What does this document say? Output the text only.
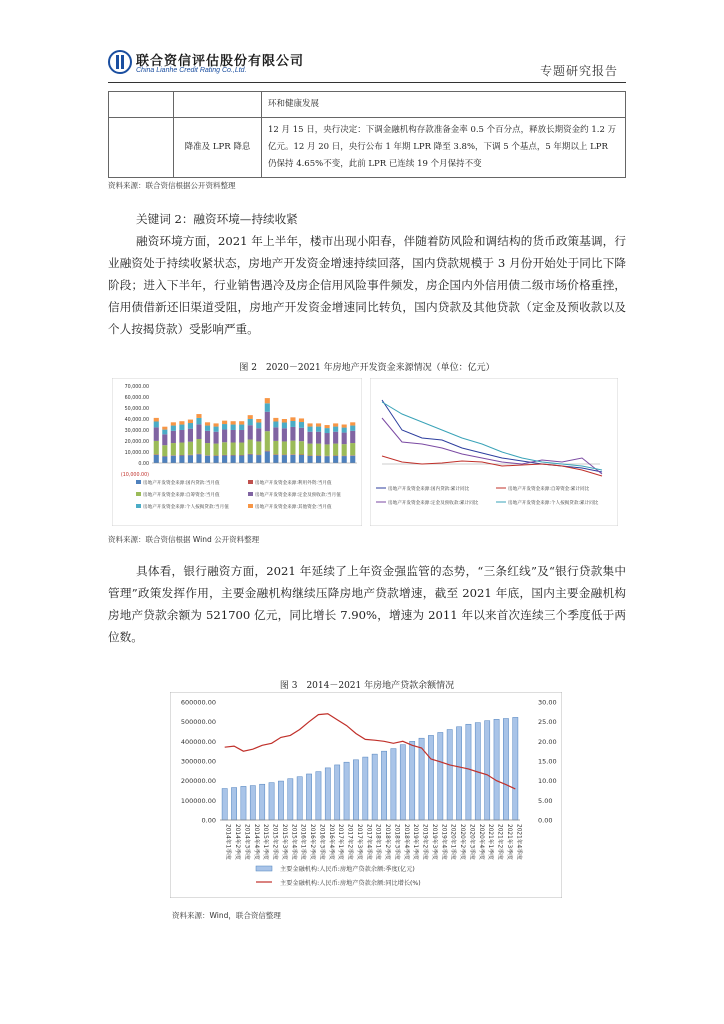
联合资信评估股份有限公司
China Lianhe Credit Rating Co.,Ltd.	专题研究报告
		环和健康发展
	降准及 LPR 降息	12 月 15 日，央行决定：下调金融机构存款准备金率 0.5 个百分点，释放长期资金约 1.2 万亿元。12 月 20 日，央行公布 1 年期 LPR 降至 3.8%，下调 5 个基点，5 年期以上 LPR 仍保持 4.65%不变，此前 LPR 已连续 19 个月保持不变
资料来源：联合资信根据公开资料整理
关键词 2：融资环境—持续收紧
融资环境方面，2021 年上半年，楼市出现小阳春，伴随着防风险和调结构的货币政策基调，行业融资处于持续收紧状态，房地产开发资金增速持续回落，国内贷款规模于 3 月份开始处于同比下降阶段；进入下半年，行业销售遇冷及房企信用风险事件频发，房企国内外信用债二级市场价格重挫，信用债借新还旧渠道受阻，房地产开发资金增速同比转负，国内贷款及其他贷款（定金及预收款以及个人按揭贷款）受影响严重。
图 2　2020－2021 年房地产开发资金来源情况（单位：亿元）
70,000.00
60,000.00
50,000.00
40,000.00
30,000.00
20,000.00
10,000.00
0.00
(10,000.00)
房地产开发资金来源:国内贷款:当月值	房地产开发资金来源:利用外资:当月值
房地产开发资金来源:自筹资金:当月值	房地产开发资金来源:定金及预收款:当月值
房地产开发资金来源:个人按揭贷款:当月值	房地产开发资金来源:其他资金:当月值
房地产开发资金来源:国内贷款:累计同比	房地产开发资金来源:自筹资金:累计同比
房地产开发资金来源:定金及预收款:累计同比	房地产开发资金来源:个人按揭贷款:累计同比
资料来源：联合资信根据 Wind 公开资料整理
具体看，银行融资方面，2021 年延续了上年资金强监管的态势，“三条红线”及“银行贷款集中管理”政策发挥作用，主要金融机构继续压降房地产贷款增速，截至 2021 年底，国内主要金融机构房地产贷款余额为 521700 亿元，同比增长 7.90%，增速为 2011 年以来首次连续三个季度低于两位数。
图 3　2014－2021 年房地产贷款余额情况
600000.00
500000.00
400000.00
300000.00
200000.00
100000.00
0.00
30.00
25.00
20.00
15.00
10.00
5.00
0.00
2014年1季度 2014年2季度 2014年3季度 2014年4季度 2015年1季度 2015年2季度 2015年3季度 2015年4季度 2016年1季度 2016年2季度 2016年3季度 2016年4季度 2017年1季度 2017年2季度 2017年3季度 2017年4季度 2018年1季度 2018年2季度 2018年3季度 2018年4季度 2019年1季度 2019年2季度 2019年3季度 2019年4季度 2020年1季度 2020年2季度 2020年3季度 2020年4季度 2021年1季度 2021年2季度 2021年3季度 2021年4季度
主要金融机构:人民币:房地产贷款余额:季度(亿元)
主要金融机构:人民币:房地产贷款余额:同比增长(%)
资料来源：Wind，联合资信整理
